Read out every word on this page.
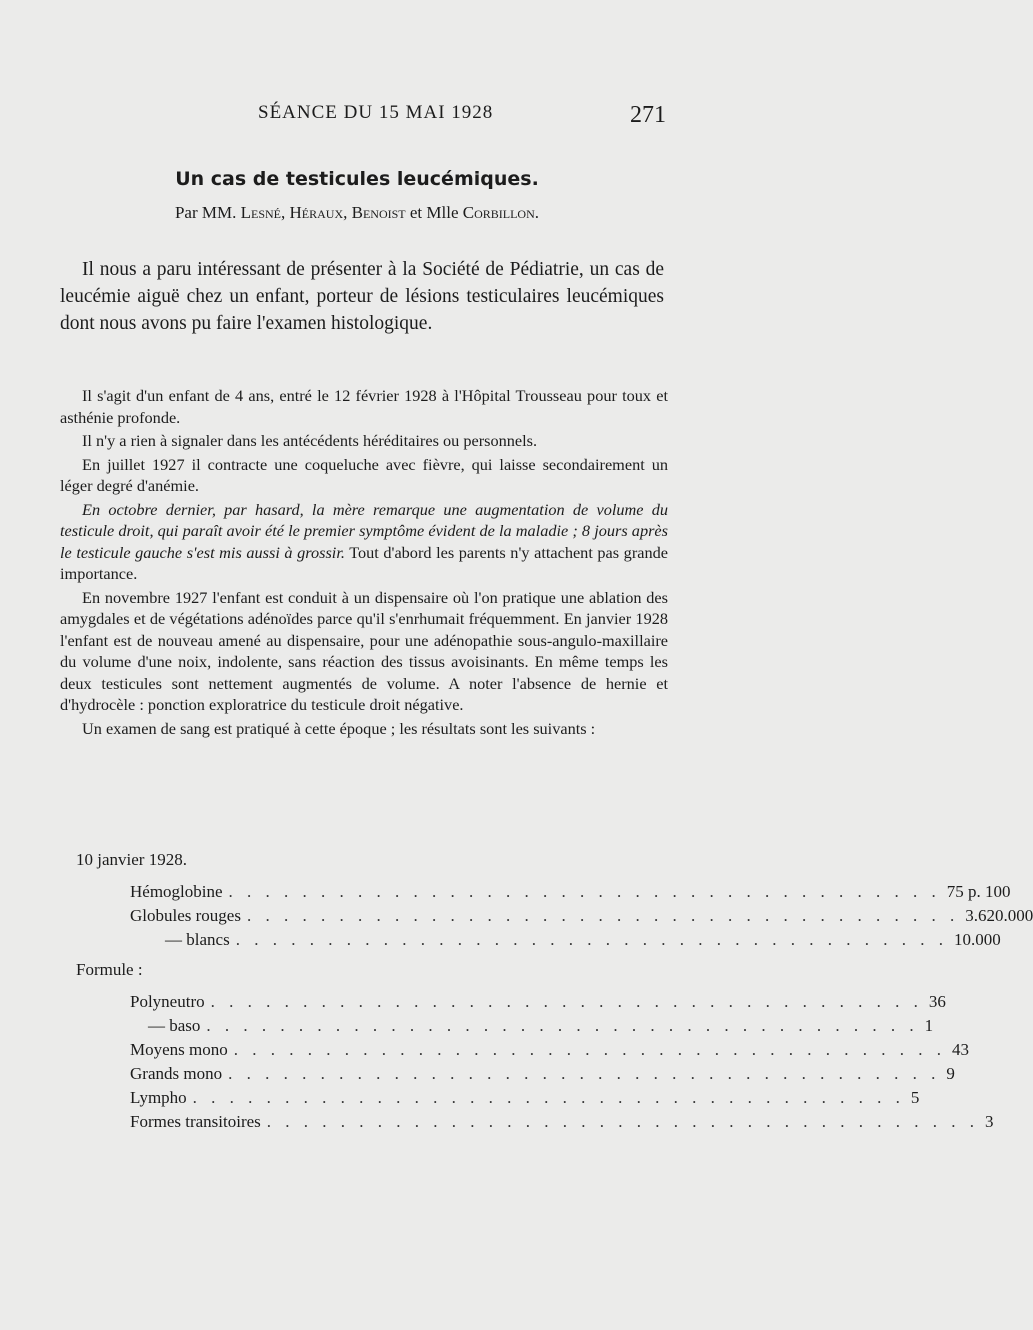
SÉANCE DU 15 MAI 1928	271
Un cas de testicules leucémiques.
Par MM. Lesné, Héraux, Benoist et Mlle Corbillon.

Il nous a paru intéressant de présenter à la Société de Pédiatrie, un cas de leucémie aiguë chez un enfant, porteur de lésions testiculaires leucémiques dont nous avons pu faire l'examen histologique.

Il s'agit d'un enfant de 4 ans, entré le 12 février 1928 à l'Hôpital Trousseau pour toux et asthénie profonde.

Il n'y a rien à signaler dans les antécédents héréditaires ou personnels.

En juillet 1927 il contracte une coqueluche avec fièvre, qui laisse secondairement un léger degré d'anémie.

En octobre dernier, par hasard, la mère remarque une augmentation de volume du testicule droit, qui paraît avoir été le premier symptôme évident de la maladie ; 8 jours après le testicule gauche s'est mis aussi à grossir. Tout d'abord les parents n'y attachent pas grande importance.

En novembre 1927 l'enfant est conduit à un dispensaire où l'on pratique une ablation des amygdales et de végétations adénoïdes parce qu'il s'enrhumait fréquemment. En janvier 1928 l'enfant est de nouveau amené au dispensaire, pour une adénopathie sous-angulo-maxillaire du volume d'une noix, indolente, sans réaction des tissus avoisinants. En même temps les deux testicules sont nettement augmentés de volume. A noter l'absence de hernie et d'hydrocèle : ponction exploratrice du testicule droit négative.

Un examen de sang est pratiqué à cette époque ; les résultats sont les suivants :

10 janvier 1928.
Hémoglobine . . . . . . . . . . . . . . . . . . . . . . . . . . . . . . . . . . . . . . . 75 p. 100
Globules rouges . . . . . . . . . . . . . . . . . . . . . . . . . . . . . . . . . . . . . . . 3.620.000
— blancs . . . . . . . . . . . . . . . . . . . . . . . . . . . . . . . . . . . . . . . 10.000
Formule :
Polyneutro . . . . . . . . . . . . . . . . . . . . . . . . . . . . . . . . . . . . . . . 36
— baso . . . . . . . . . . . . . . . . . . . . . . . . . . . . . . . . . . . . . . . 1
Moyens mono . . . . . . . . . . . . . . . . . . . . . . . . . . . . . . . . . . . . . . . 43
Grands mono . . . . . . . . . . . . . . . . . . . . . . . . . . . . . . . . . . . . . . . 9
Lympho . . . . . . . . . . . . . . . . . . . . . . . . . . . . . . . . . . . . . . . 5
Formes transitoires . . . . . . . . . . . . . . . . . . . . . . . . . . . . . . . . . . . . . . . 3
